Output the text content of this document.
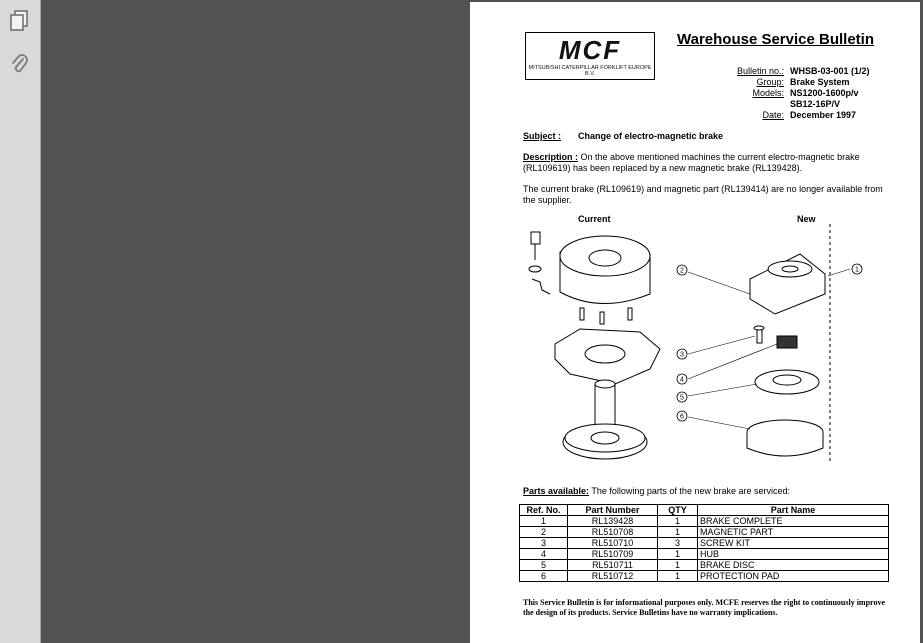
MCF
MITSUBISHI CATERPILLAR FORKLIFT EUROPE B.V.
Warehouse Service Bulletin
Bulletin no.: WHSB-03-001 (1/2)
Group: Brake System
Models: NS1200-1600p/v
SB12-16P/V
Date: December 1997
Subject : Change of electro-magnetic brake
Description : On the above mentioned machines the current electro-magnetic brake (RL109619) has been replaced by a new magnetic brake (RL139428).
The current brake (RL109619) and magnetic part (RL139414) are no longer available from the supplier.
Current	New
2	1
3
4
5
6
Parts available: The following parts of the new brake are serviced:
Ref. No.	Part Number	QTY	Part Name
1	RL139428	1	BRAKE COMPLETE
2	RL510708	1	MAGNETIC PART
3	RL510710	3	SCREW KIT
4	RL510709	1	HUB
5	RL510711	1	BRAKE DISC
6	RL510712	1	PROTECTION PAD
This Service Bulletin is for informational purposes only. MCFE reserves the right to continuously improve the design of its products. Service Bulletins have no warranty implications.
